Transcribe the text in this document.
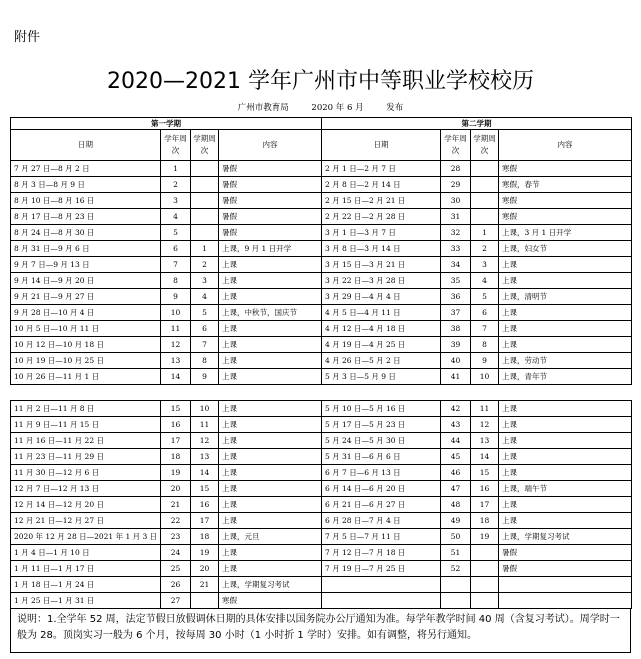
附件
2020—2021 学年广州市中等职业学校校历
广州市教育局	2020 年 6 月	发布
第一学期				第二学期			
日期	学年周次	学期周次	内容	日期	学年周次	学期周次	内容
7 月 27 日—8 月 2 日	1		暑假	2 月 1 日—2 月 7 日	28		寒假
8 月 3 日—8 月 9 日	2		暑假	2 月 8 日—2 月 14 日	29		寒假，春节
8 月 10 日—8 月 16 日	3		暑假	2 月 15 日—2 月 21 日	30		寒假
8 月 17 日—8 月 23 日	4		暑假	2 月 22 日—2 月 28 日	31		寒假
8 月 24 日—8 月 30 日	5		暑假	3 月 1 日—3 月 7 日	32	1	上课，3 月 1 日开学
8 月 31 日—9 月 6 日	6	1	上课，9 月 1 日开学	3 月 8 日—3 月 14 日	33	2	上课，妇女节
9 月 7 日—9 月 13 日	7	2	上课	3 月 15 日—3 月 21 日	34	3	上课
9 月 14 日—9 月 20 日	8	3	上课	3 月 22 日—3 月 28 日	35	4	上课
9 月 21 日—9 月 27 日	9	4	上课	3 月 29 日—4 月 4 日	36	5	上课，清明节
9 月 28 日—10 月 4 日	10	5	上课，中秋节，国庆节	4 月 5 日—4 月 11 日	37	6	上课
10 月 5 日—10 月 11 日	11	6	上课	4 月 12 日—4 月 18 日	38	7	上课
10 月 12 日—10 月 18 日	12	7	上课	4 月 19 日—4 月 25 日	39	8	上课
10 月 19 日—10 月 25 日	13	8	上课	4 月 26 日—5 月 2 日	40	9	上课，劳动节
10 月 26 日—11 月 1 日	14	9	上课	5 月 3 日—5 月 9 日	41	10	上课，青年节
11 月 2 日—11 月 8 日	15	10	上课	5 月 10 日—5 月 16 日	42	11	上课
11 月 9 日—11 月 15 日	16	11	上课	5 月 17 日—5 月 23 日	43	12	上课
11 月 16 日—11 月 22 日	17	12	上课	5 月 24 日—5 月 30 日	44	13	上课
11 月 23 日—11 月 29 日	18	13	上课	5 月 31 日—6 月 6 日	45	14	上课
11 月 30 日—12 月 6 日	19	14	上课	6 月 7 日—6 月 13 日	46	15	上课
12 月 7 日—12 月 13 日	20	15	上课	6 月 14 日—6 月 20 日	47	16	上课，端午节
12 月 14 日—12 月 20 日	21	16	上课	6 月 21 日—6 月 27 日	48	17	上课
12 月 21 日—12 月 27 日	22	17	上课	6 月 28 日—7 月 4 日	49	18	上课
2020 年 12 月 28 日—2021 年 1 月 3 日	23	18	上课，元旦	7 月 5 日—7 月 11 日	50	19	上课，学期复习考试
1 月 4 日—1 月 10 日	24	19	上课	7 月 12 日—7 月 18 日	51		暑假
1 月 11 日—1 月 17 日	25	20	上课	7 月 19 日—7 月 25 日	52		暑假
1 月 18 日—1 月 24 日	26	21	上课，学期复习考试				
1 月 25 日—1 月 31 日	27		寒假				
说明：1.全学年 52 周，法定节假日放假调休日期的具体安排以国务院办公厅通知为准。每学年教学时间 40 周（含复习考试）。周学时一般为 28。顶岗实习一般为 6 个月，按每周 30 小时（1 小时折 1 学时）安排。如有调整，将另行通知。
